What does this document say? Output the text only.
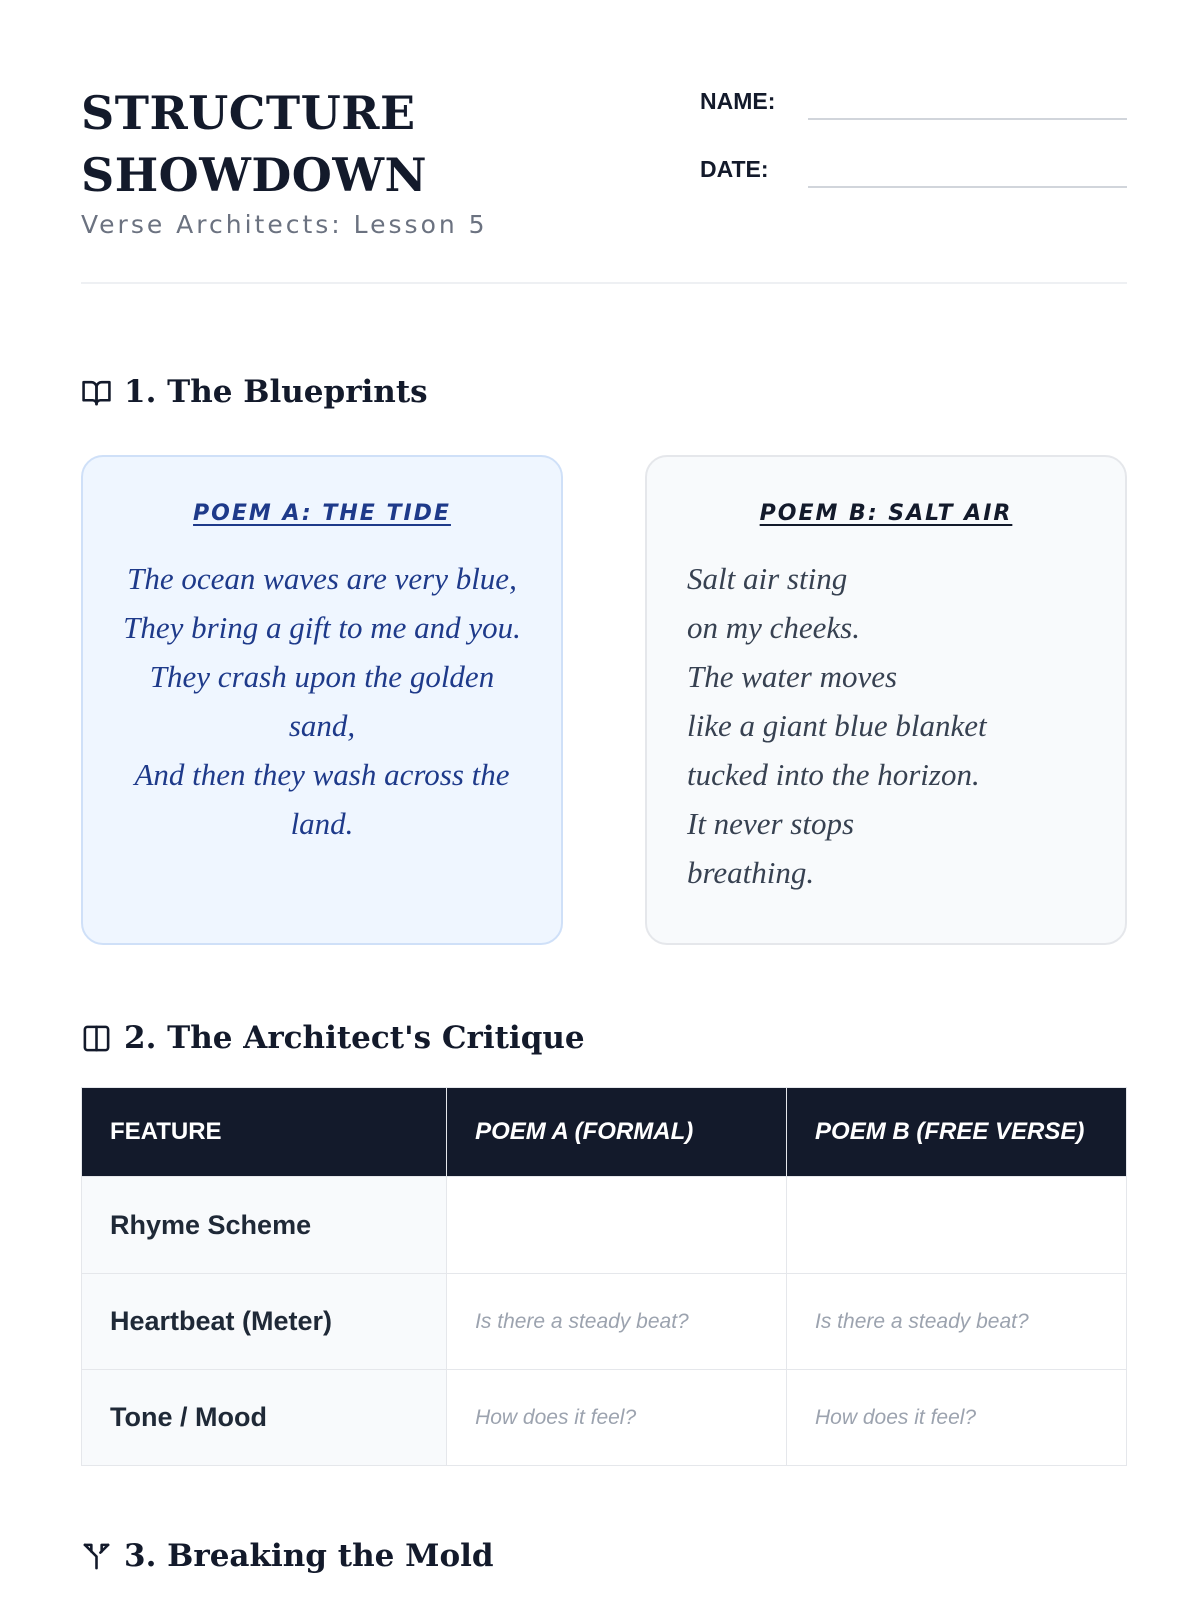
STRUCTURE
SHOWDOWN
Verse Architects: Lesson 5
NAME:
DATE:
1. The Blueprints
POEM A: THE TIDE
The ocean waves are very blue,
They bring a gift to me and you.
They crash upon the golden sand,
And then they wash across the land.
POEM B: SALT AIR
Salt air sting
on my cheeks.
The water moves
like a giant blue blanket
tucked into the horizon.
It never stops
breathing.
2. The Architect's Critique
FEATURE	POEM A (FORMAL)	POEM B (FREE VERSE)
Rhyme Scheme		
Heartbeat (Meter)	Is there a steady beat?	Is there a steady beat?
Tone / Mood	How does it feel?	How does it feel?
3. Breaking the Mold
